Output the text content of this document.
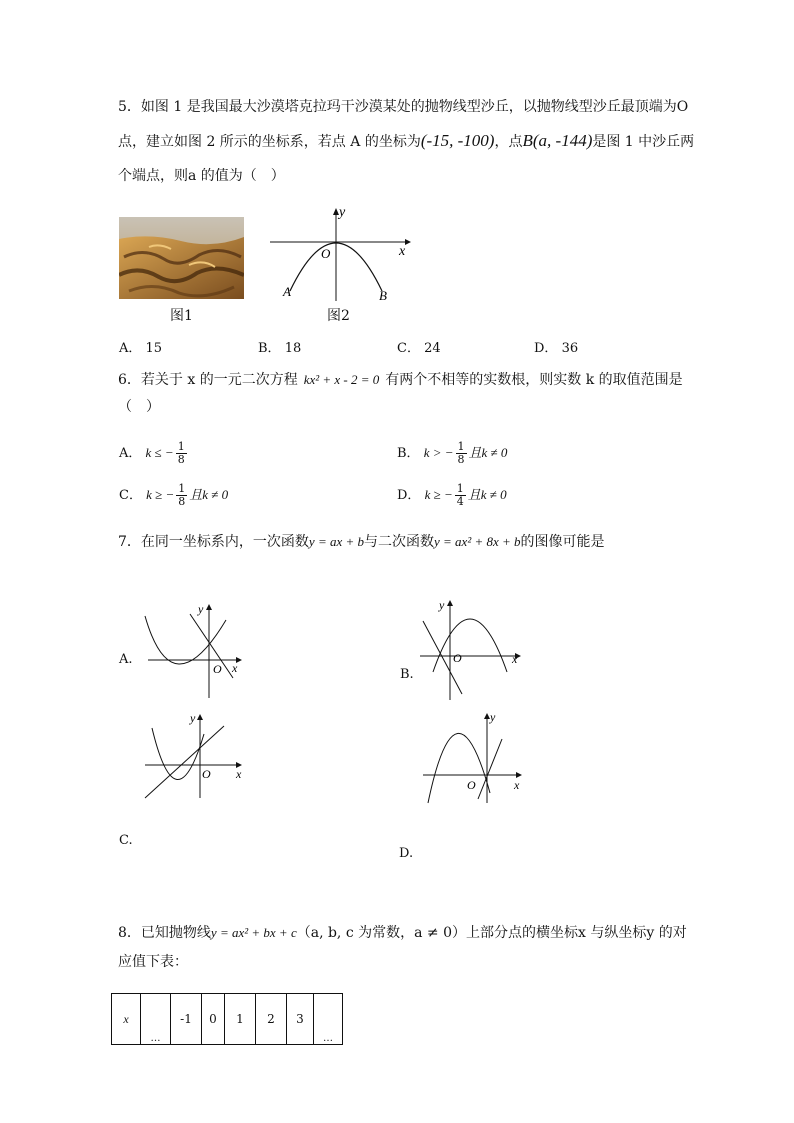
5．如图 1 是我国最大沙漠塔克拉玛干沙漠某处的抛物线型沙丘，以抛物线型沙丘最顶端为O
点，建立如图 2 所示的坐标系，若点 A 的坐标为(-15, -100)，点B(a, -144)是图 1 中沙丘两
个端点，则a 的值为（　）
图1
y
x
O
A	B
图2
A． 15	B． 18	C． 24	D． 36
6．若关于 x 的一元二次方程 kx² + x - 2 = 0 有两个不相等的实数根，则实数 k 的取值范围是
（　）
A． k ≤ − $\frac{1}{8}$	B． k > − $\frac{1}{8}$ 且k ≠ 0
C． k ≥ − $\frac{1}{8}$ 且k ≠ 0	D． k ≥ − $\frac{1}{4}$ 且k ≠ 0
7．在同一坐标系内，一次函数y = ax + b与二次函数y = ax² + 8x + b的图像可能是
A.
y
x
O	B.
y
x
O
y
x
O
C.
y
x
O
D.
8．已知抛物线y = ax² + bx + c（a, b, c 为常数，a ≠ 0）上部分点的横坐标x 与纵坐标y 的对
应值下表：
x	…	-1	0	1	2	3	…
